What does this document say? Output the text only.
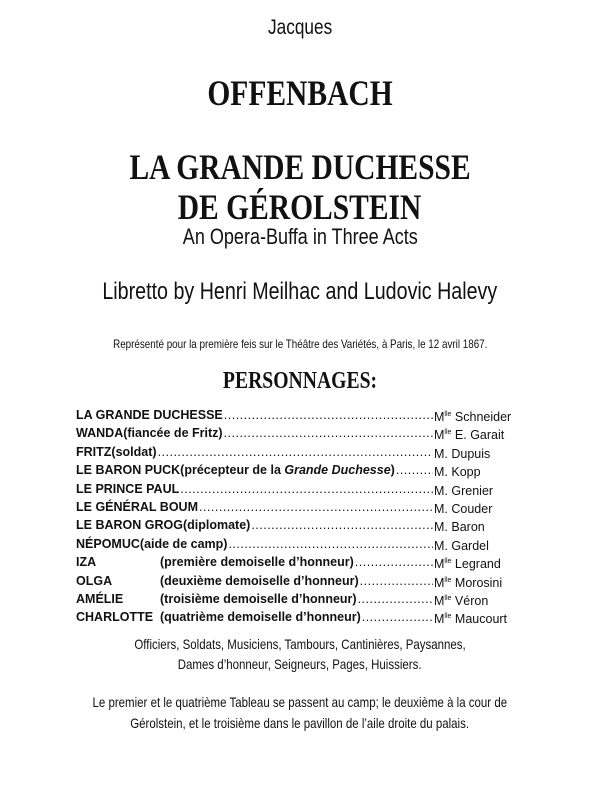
Jacques
OFFENBACH
LA GRANDE DUCHESSE
DE GÉROLSTEIN
An Opera-Buffa in Three Acts
Libretto by Henri Meilhac and Ludovic Halevy
Représenté pour la première feis sur le Théâtre des Variétés, à Paris, le 12 avril 1867.
PERSONNAGES:
LA GRANDE DUCHESSE .....	$M^{lle}$ Schneider
WANDA (fiancée de Fritz) .....	$M^{lle}$ E. Garait
FRITZ (soldat) .....	M. Dupuis
LE BARON PUCK (précepteur de la Grande Duchesse) .....	M. Kopp
LE PRINCE PAUL .....	M. Grenier
LE GÉNÉRAL BOUM .....	M. Couder
LE BARON GROG (diplomate) .....	M. Baron
NÉPOMUC (aide de camp) .....	M. Gardel
IZA	(première demoiselle d’honneur) .....	$M^{lle}$ Legrand
OLGA	(deuxième demoiselle d’honneur) .....	$M^{lle}$ Morosini
AMÉLIE	(troisième demoiselle d’honneur) .....	$M^{lle}$ Véron
CHARLOTTE (quatrième demoiselle d’honneur) .....	$M^{lle}$ Maucourt
Officiers, Soldats, Musiciens, Tambours, Cantinières, Paysannes,
Dames d’honneur, Seigneurs, Pages, Huissiers.
Le premier et le quatrième Tableau se passent au camp; le deuxième à la cour de
Gérolstein, et le troisième dans le pavillon de l’aile droite du palais.
